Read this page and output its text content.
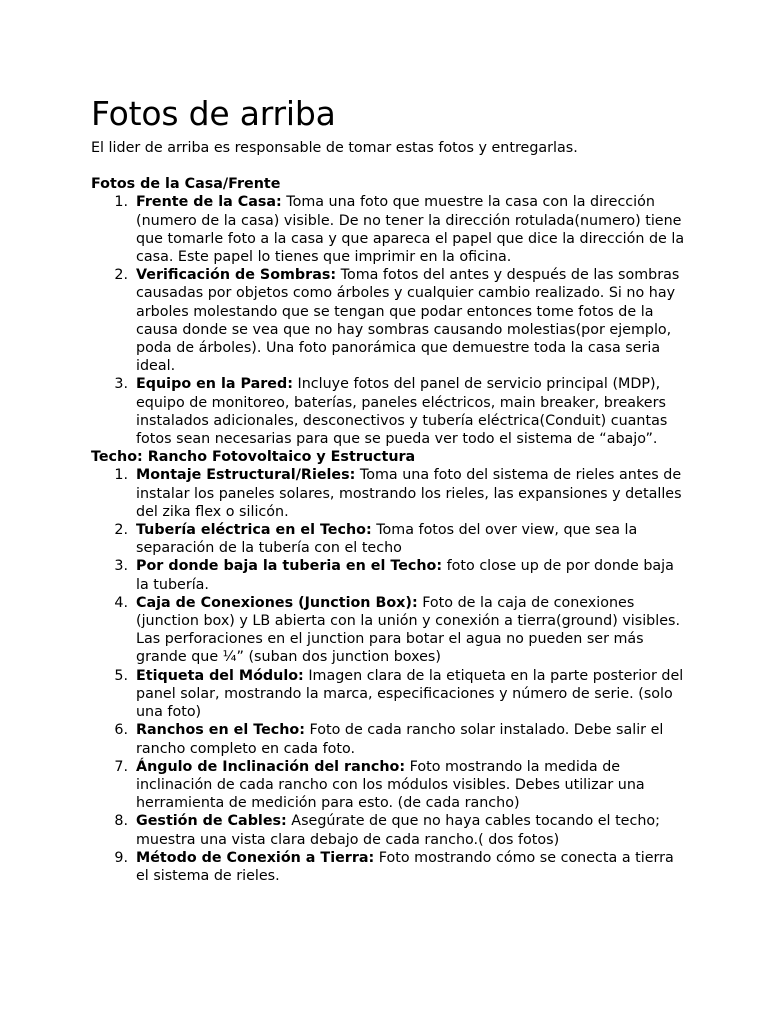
Fotos de arriba

El lider de arriba es responsable de tomar estas fotos y entregarlas.

Fotos de la Casa/Frente

1. Frente de la Casa: Toma una foto que muestre la casa con la dirección (numero de la casa) visible. De no tener la dirección rotulada(numero) tiene que tomarle foto a la casa y que apareca el papel que dice la dirección de la casa. Este papel lo tienes que imprimir en la oficina.
2. Verificación de Sombras: Toma fotos del antes y después de las sombras causadas por objetos como árboles y cualquier cambio realizado. Si no hay arboles molestando que se tengan que podar entonces tome fotos de la causa donde se vea que no hay sombras causando molestias(por ejemplo, poda de árboles). Una foto panorámica que demuestre toda la casa seria ideal.
3. Equipo en la Pared: Incluye fotos del panel de servicio principal (MDP), equipo de monitoreo, baterías, paneles eléctricos, main breaker, breakers instalados adicionales, desconectivos y tubería eléctrica(Conduit) cuantas fotos sean necesarias para que se pueda ver todo el sistema de “abajo”.

Techo: Rancho Fotovoltaico y Estructura

1. Montaje Estructural/Rieles: Toma una foto del sistema de rieles antes de instalar los paneles solares, mostrando los rieles, las expansiones y detalles del zika flex o silicón.
2. Tubería eléctrica en el Techo: Toma fotos del over view, que sea la separación de la tubería con el techo
3. Por donde baja la tuberia en el Techo: foto close up de por donde baja la tubería.
4. Caja de Conexiones (Junction Box): Foto de la caja de conexiones (junction box) y LB abierta con la unión y conexión a tierra(ground) visibles. Las perforaciones en el junction para botar el agua no pueden ser más grande que ¼” (suban dos junction boxes)
5. Etiqueta del Módulo: Imagen clara de la etiqueta en la parte posterior del panel solar, mostrando la marca, especificaciones y número de serie. (solo una foto)
6. Ranchos en el Techo: Foto de cada rancho solar instalado. Debe salir el rancho completo en cada foto.
7. Ángulo de Inclinación del rancho: Foto mostrando la medida de inclinación de cada rancho con los módulos visibles. Debes utilizar una herramienta de medición para esto. (de cada rancho)
8. Gestión de Cables: Asegúrate de que no haya cables tocando el techo; muestra una vista clara debajo de cada rancho.( dos fotos)
9. Método de Conexión a Tierra: Foto mostrando cómo se conecta a tierra el sistema de rieles.
